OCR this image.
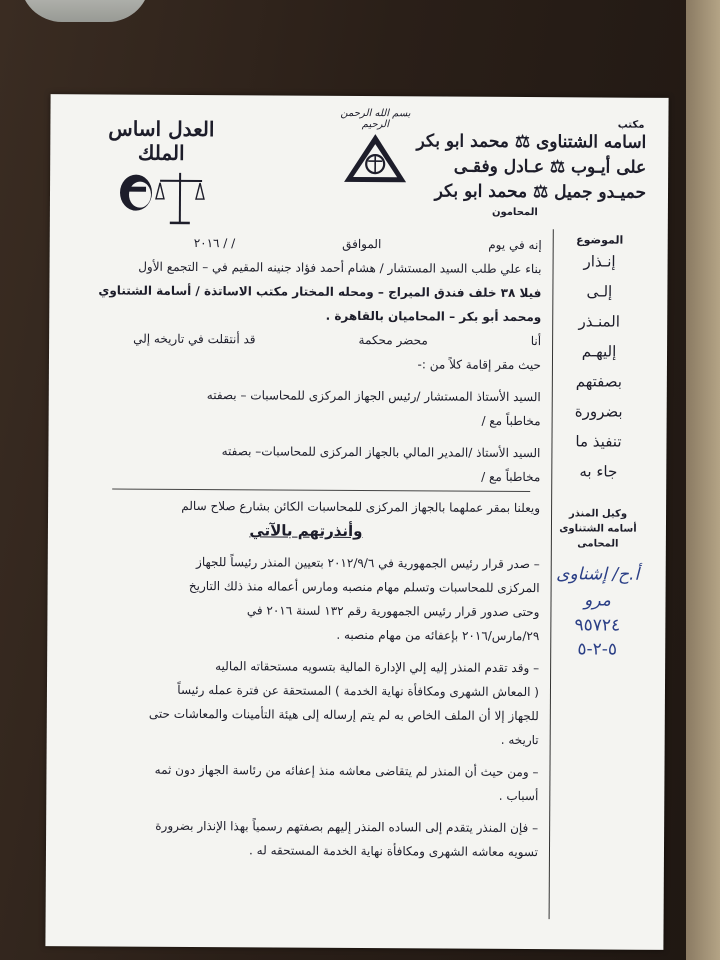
مكتب
اسامه الشتناوى ⚖ محمد ابو بكر
على أيـوب ⚖ عـادل وفقـى
حميـدو جميل ⚖ محمد ابو بكر
المحامون
بسم الله الرحمن الرحيم
العدل اساس الملك
الموضوع
إنـذار
إلـى
المنـذر
إليهـم
بصفتهم
بضرورة
تنفيذ ما
جاء به
وكيل المنذر
أسامه الشتناوى
المحامى
أ.ح/ إشناوى
مرو
٩٥٧٢٤
٥-٢-٥
إنه في يوم
الموافق
/ / ٢٠١٦
بناء علي طلب السيد المستشار / هشام أحمد فؤاد جنينه المقيم في – التجمع الأول
فيلا ٣٨ خلف فندق الميراج – ومحله المختار مكتب الاساتذة / أسامة الشتناوي
ومحمد أبو بكر – المحاميان بالقاهرة .
أنا
محضر محكمة
قد أنتقلت في تاريخه إلي
حيث مقر إقامة كلاً من :-
السيد الأستاذ المستشار /رئيس الجهاز المركزى للمحاسبات – بصفته
مخاطباً مع /
السيد الأستاذ /المدير المالي بالجهاز المركزى للمحاسبات– بصفته
مخاطباً مع /
ويعلنا بمقر عملهما بالجهاز المركزى للمحاسبات الكائن بشارع صلاح سالم
وأنذرتهم بالآتي
– صدر قرار رئيس الجمهورية في ٢٠١٢/٩/٦ بتعيين المنذر رئيساً للجهاز
المركزى للمحاسبات وتسلم مهام منصبه ومارس أعماله منذ ذلك التاريخ
وحتى صدور قرار رئيس الجمهورية رقم ١٣٢ لسنة ٢٠١٦ في
٢٩/مارس/٢٠١٦ بإعفائه من مهام منصبه .
– وقد تقدم المنذر إليه إلي الإدارة المالية بتسويه مستحقاته الماليه
( المعاش الشهرى ومكافأة نهاية الخدمة ) المستحقة عن فترة عمله رئيساً
للجهاز إلا أن الملف الخاص به لم يتم إرساله إلى هيئة التأمينات والمعاشات حتى
تاريخه .
– ومن حيث أن المنذر لم يتقاضى معاشه منذ إعفائه من رئاسة الجهاز دون ثمه
أسباب .
– فإن المنذر يتقدم إلى الساده المنذر إليهم بصفتهم رسمياً بهذا الإنذار بضرورة
تسويه معاشه الشهرى ومكافأة نهاية الخدمة المستحقه له .
